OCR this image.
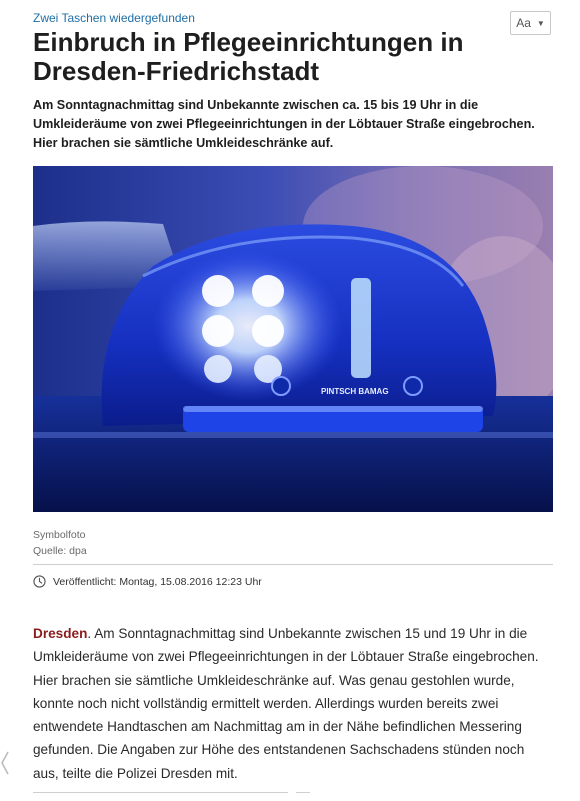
Zwei Taschen wiedergefunden	Aa ▼
Einbruch in Pflegeeinrichtungen in Dresden-Friedrichstadt

Am Sonntagnachmittag sind Unbekannte zwischen ca. 15 bis 19 Uhr in die Umkleideräume von zwei Pflegeeinrichtungen in der Löbtauer Straße eingebrochen. Hier brachen sie sämtliche Umkleideschränke auf.

PINTSCH BAMAG
Symbolfoto
Quelle: dpa
Veröffentlicht: Montag, 15.08.2016 12:23 Uhr

Dresden. Am Sonntagnachmittag sind Unbekannte zwischen 15 und 19 Uhr in die Umkleideräume von zwei Pflegeeinrichtungen in der Löbtauer Straße eingebrochen. Hier brachen sie sämtliche Umkleideschränke auf. Was genau gestohlen wurde, konnte noch nicht vollständig ermittelt werden. Allerdings wurden bereits zwei entwendete Handtaschen am Nachmittag am in der Nähe befindlichen Messering gefunden. Die Angaben zur Höhe des entstandenen Sachschadens stünden noch aus, teilte die Polizei Dresden mit.
